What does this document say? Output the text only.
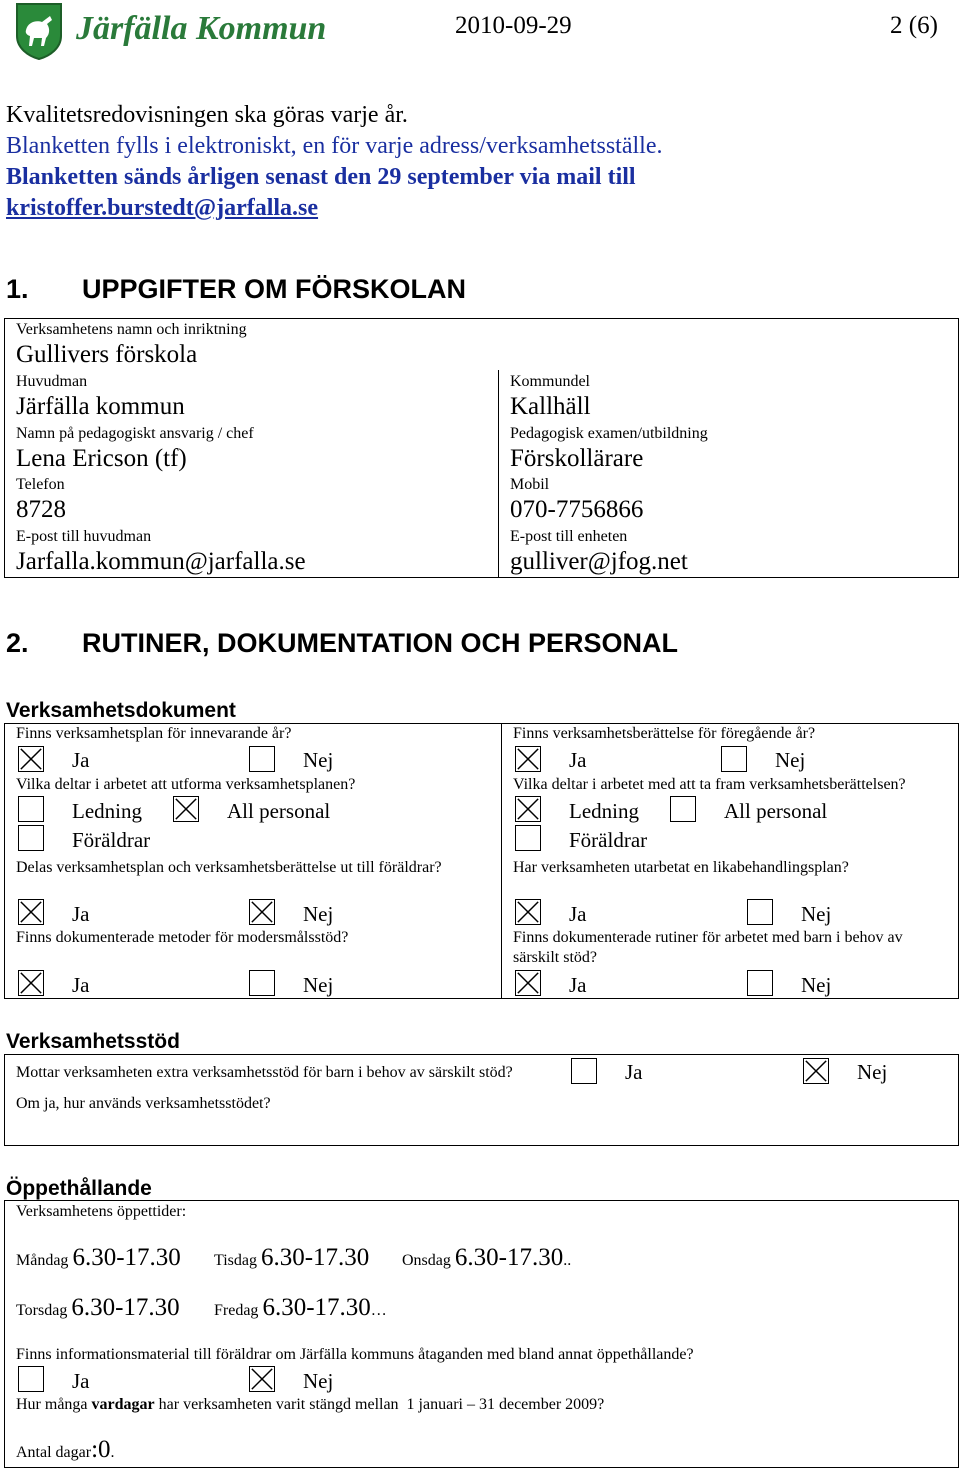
Järfälla Kommun	2010-09-29	2 (6)
Kvalitetsredovisningen ska göras varje år.
Blanketten fylls i elektroniskt, en för varje adress/verksamhetsställe.
Blanketten sänds årligen senast den 29 september via mail till
kristoffer.burstedt@jarfalla.se
1. UPPGIFTER OM FÖRSKOLAN
Verksamhetens namn och inriktning
Gullivers förskola
Huvudman
Järfälla kommun
Kommundel
Kallhäll
Namn på pedagogiskt ansvarig / chef
Lena Ericson (tf)
Pedagogisk examen/utbildning
Förskollärare
Telefon
8728
Mobil
070-7756866
E-post till huvudman
Jarfalla.kommun@jarfalla.se
E-post till enheten
gulliver@jfog.net
2. RUTINER, DOKUMENTATION OCH PERSONAL
Verksamhetsdokument
Finns verksamhetsplan för innevarande år?
Ja	Nej
Finns verksamhetsberättelse för föregående år?
Ja	Nej
Vilka deltar i arbetet att utforma verksamhetsplanen?
Ledning	All personal
Föräldrar
Vilka deltar i arbetet med att ta fram verksamhetsberättelsen?
Ledning	All personal
Föräldrar
Delas verksamhetsplan och verksamhetsberättelse ut till föräldrar?
Ja	Nej
Har verksamheten utarbetat en likabehandlingsplan?
Ja	Nej
Finns dokumenterade metoder för modersmålsstöd?
Ja	Nej
Finns dokumenterade rutiner för arbetet med barn i behov av
särskilt stöd?
Ja	Nej
Verksamhetsstöd
Mottar verksamheten extra verksamhetsstöd för barn i behov av särskilt stöd?	Ja	Nej
Om ja, hur används verksamhetsstödet?
Öppethållande
Verksamhetens öppettider:
Måndag 6.30-17.30 Tisdag 6.30-17.30 Onsdag 6.30-17.30..
Torsdag 6.30-17.30 Fredag 6.30-17.30…
Finns informationsmaterial till föräldrar om Järfälla kommuns åtaganden med bland annat öppethållande?
Ja	Nej
Hur många vardagar har verksamheten varit stängd mellan  1 januari – 31 december 2009?
Antal dagar:0.
